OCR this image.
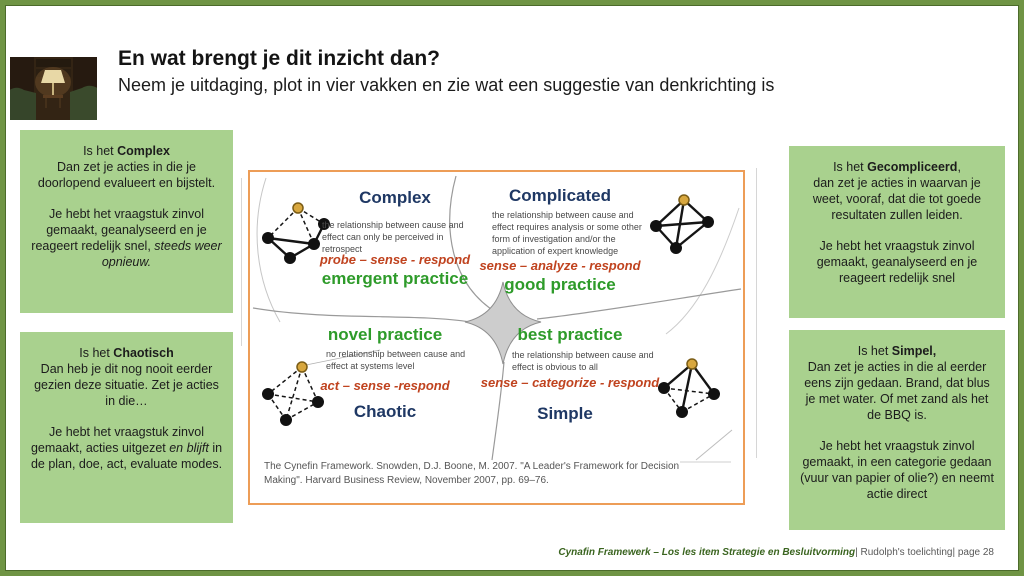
En wat brengt je dit inzicht dan?

Neem je uitdaging, plot in vier vakken en zie wat een suggestie van denkrichting is

Is het Complex
Dan zet je acties in die je doorlopend evalueert en bijstelt.
Je hebt het vraagstuk zinvol gemaakt, geanalyseerd en je reageert redelijk snel, steeds weer opnieuw.
Is het Chaotisch
Dan heb je dit nog nooit eerder gezien deze situatie. Zet je acties in die…
Je hebt het vraagstuk zinvol gemaakt, acties uitgezet en blijft in de plan, doe, act, evaluate modes.
Is het Gecompliceerd,
dan zet je acties in waarvan je weet, vooraf, dat die tot goede resultaten zullen leiden.
Je hebt het vraagstuk zinvol gemaakt, geanalyseerd en je reageert redelijk snel
Is het Simpel,
Dan zet je acties in die al eerder eens zijn gedaan. Brand, dat blus je met water. Of met zand als het de BBQ is.
Je hebt het vraagstuk zinvol gemaakt, in een categorie gedaan (vuur van papier of olie?) en neemt actie direct
Complex
the relationship between cause and effect can only be perceived in retrospect
probe – sense - respond
emergent practice
Complicated
the relationship between cause and effect requires analysis or some other form of investigation and/or the application of expert knowledge
sense – analyze - respond
good practice
novel practice
no relationship between cause and effect at systems level
act – sense -respond
Chaotic
best practice
the relationship between cause and effect is obvious to all
sense – categorize - respond
Simple
The Cynefin Framework. Snowden, D.J. Boone, M. 2007. "A Leader's Framework for Decision Making". Harvard Business Review, November 2007, pp. 69–76.
Cynafin Framewerk – Los les item Strategie en Besluitvorming| Rudolph's toelichting| page 28
